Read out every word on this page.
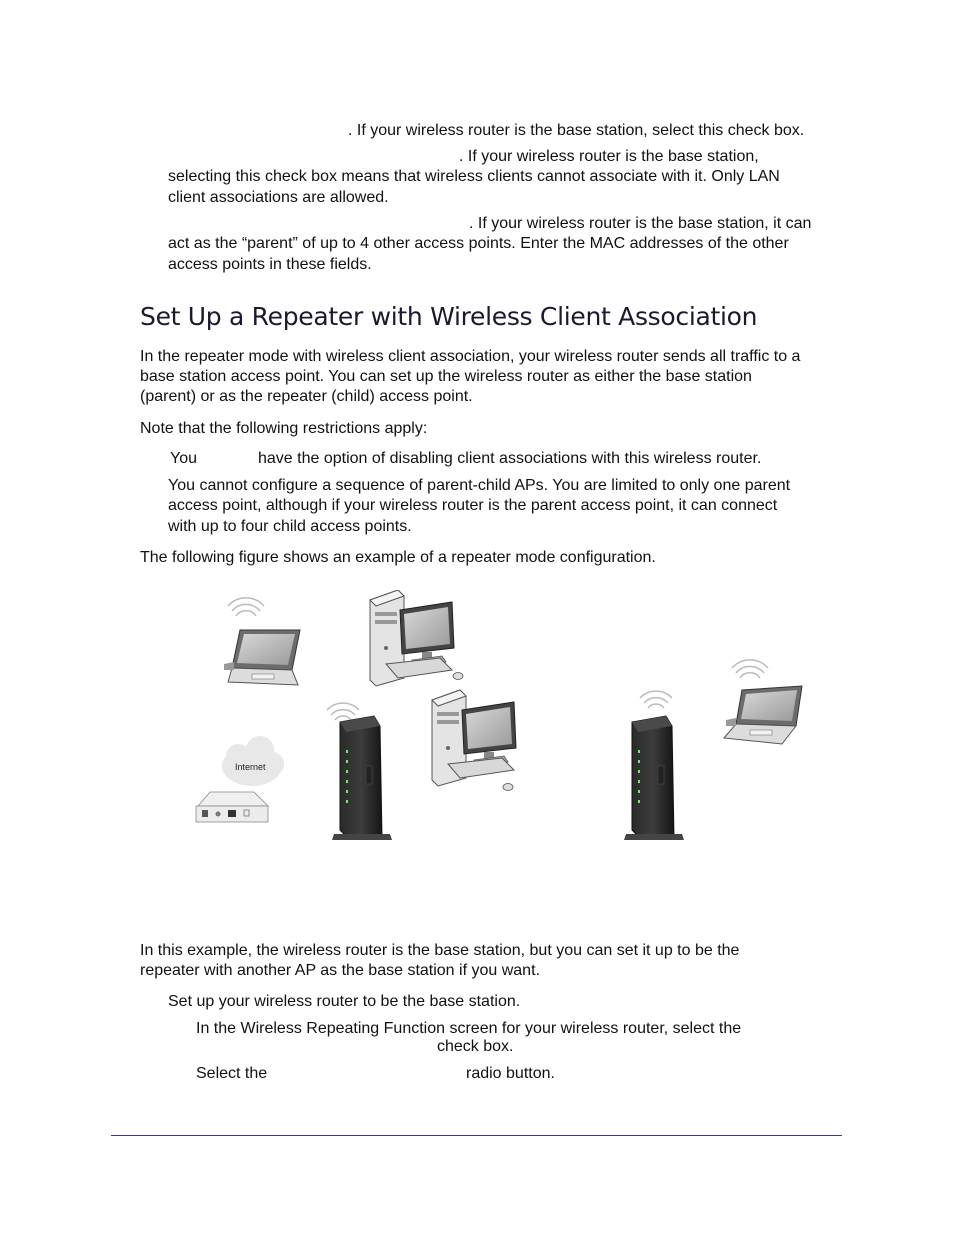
. If your wireless router is the base station, select this check box.

. If your wireless router is the base station,

selecting this check box means that wireless clients cannot associate with it. Only LAN

client associations are allowed.

. If your wireless router is the base station, it can

act as the “parent” of up to 4 other access points. Enter the MAC addresses of the other

access points in these fields.

Set Up a Repeater with Wireless Client Association

In the repeater mode with wireless client association, your wireless router sends all traffic to a

base station access point. You can set up the wireless router as either the base station

(parent) or as the repeater (child) access point.

Note that the following restrictions apply:

You	have the option of disabling client associations with this wireless router.

You cannot configure a sequence of parent-child APs. You are limited to only one parent

access point, although if your wireless router is the parent access point, it can connect

with up to four child access points.

The following figure shows an example of a repeater mode configuration.

Internet

In this example, the wireless router is the base station, but you can set it up to be the

repeater with another AP as the base station if you want.

Set up your wireless router to be the base station.

In the Wireless Repeating Function screen for your wireless router, select the

check box.

Select the	radio button.
